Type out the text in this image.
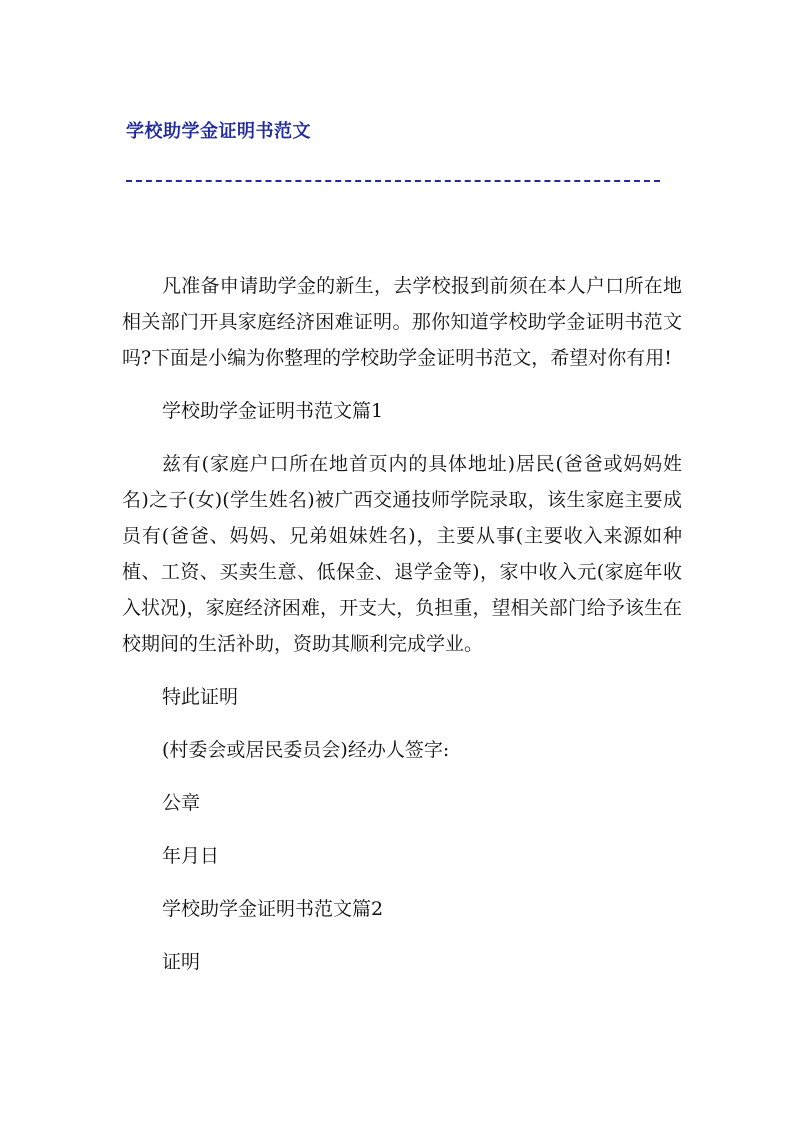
学校助学金证明书范文

凡准备申请助学金的新生，去学校报到前须在本人户口所在地相关部门开具家庭经济困难证明。那你知道学校助学金证明书范文吗?下面是小编为你整理的学校助学金证明书范文，希望对你有用!

学校助学金证明书范文篇1

兹有(家庭户口所在地首页内的具体地址)居民(爸爸或妈妈姓名)之子(女)(学生姓名)被广西交通技师学院录取，该生家庭主要成员有(爸爸、妈妈、兄弟姐妹姓名)，主要从事(主要收入来源如种植、工资、买卖生意、低保金、退学金等)，家中收入元(家庭年收入状况)，家庭经济困难，开支大，负担重，望相关部门给予该生在校期间的生活补助，资助其顺利完成学业。

特此证明

(村委会或居民委员会)经办人签字:

公章

年月日

学校助学金证明书范文篇2

证明
